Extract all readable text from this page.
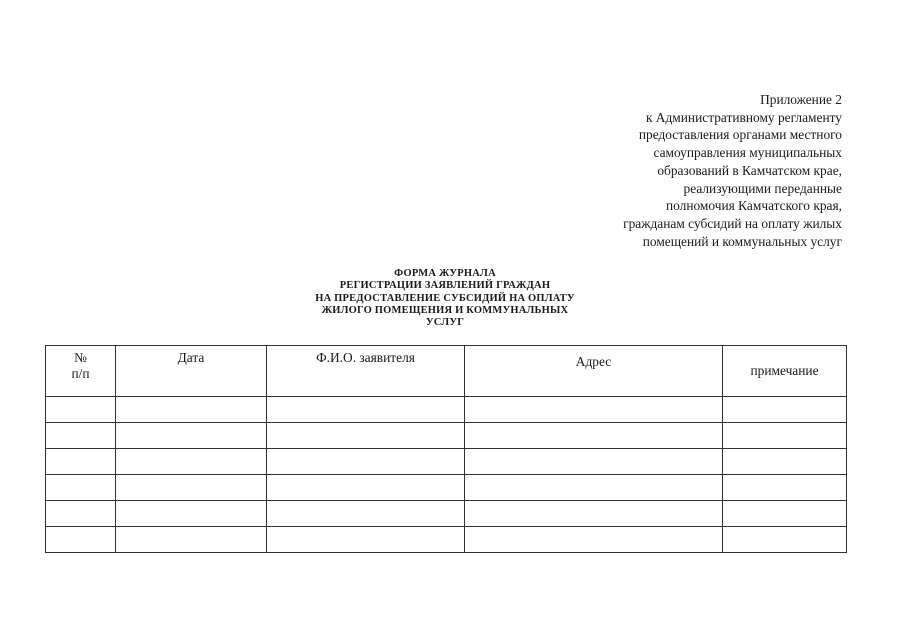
Приложение 2
к Административному регламенту
предоставления органами местного
самоуправления муниципальных
образований в Камчатском крае,
реализующими переданные
полномочия Камчатского края,
гражданам субсидий на оплату жилых
помещений и коммунальных услуг
ФОРМА ЖУРНАЛА
РЕГИСТРАЦИИ ЗАЯВЛЕНИЙ ГРАЖДАН
НА ПРЕДОСТАВЛЕНИЕ СУБСИДИЙ НА ОПЛАТУ
ЖИЛОГО ПОМЕЩЕНИЯ И КОММУНАЛЬНЫХ
УСЛУГ
№
п/п	Дата	Ф.И.О. заявителя	Адрес	примечание
